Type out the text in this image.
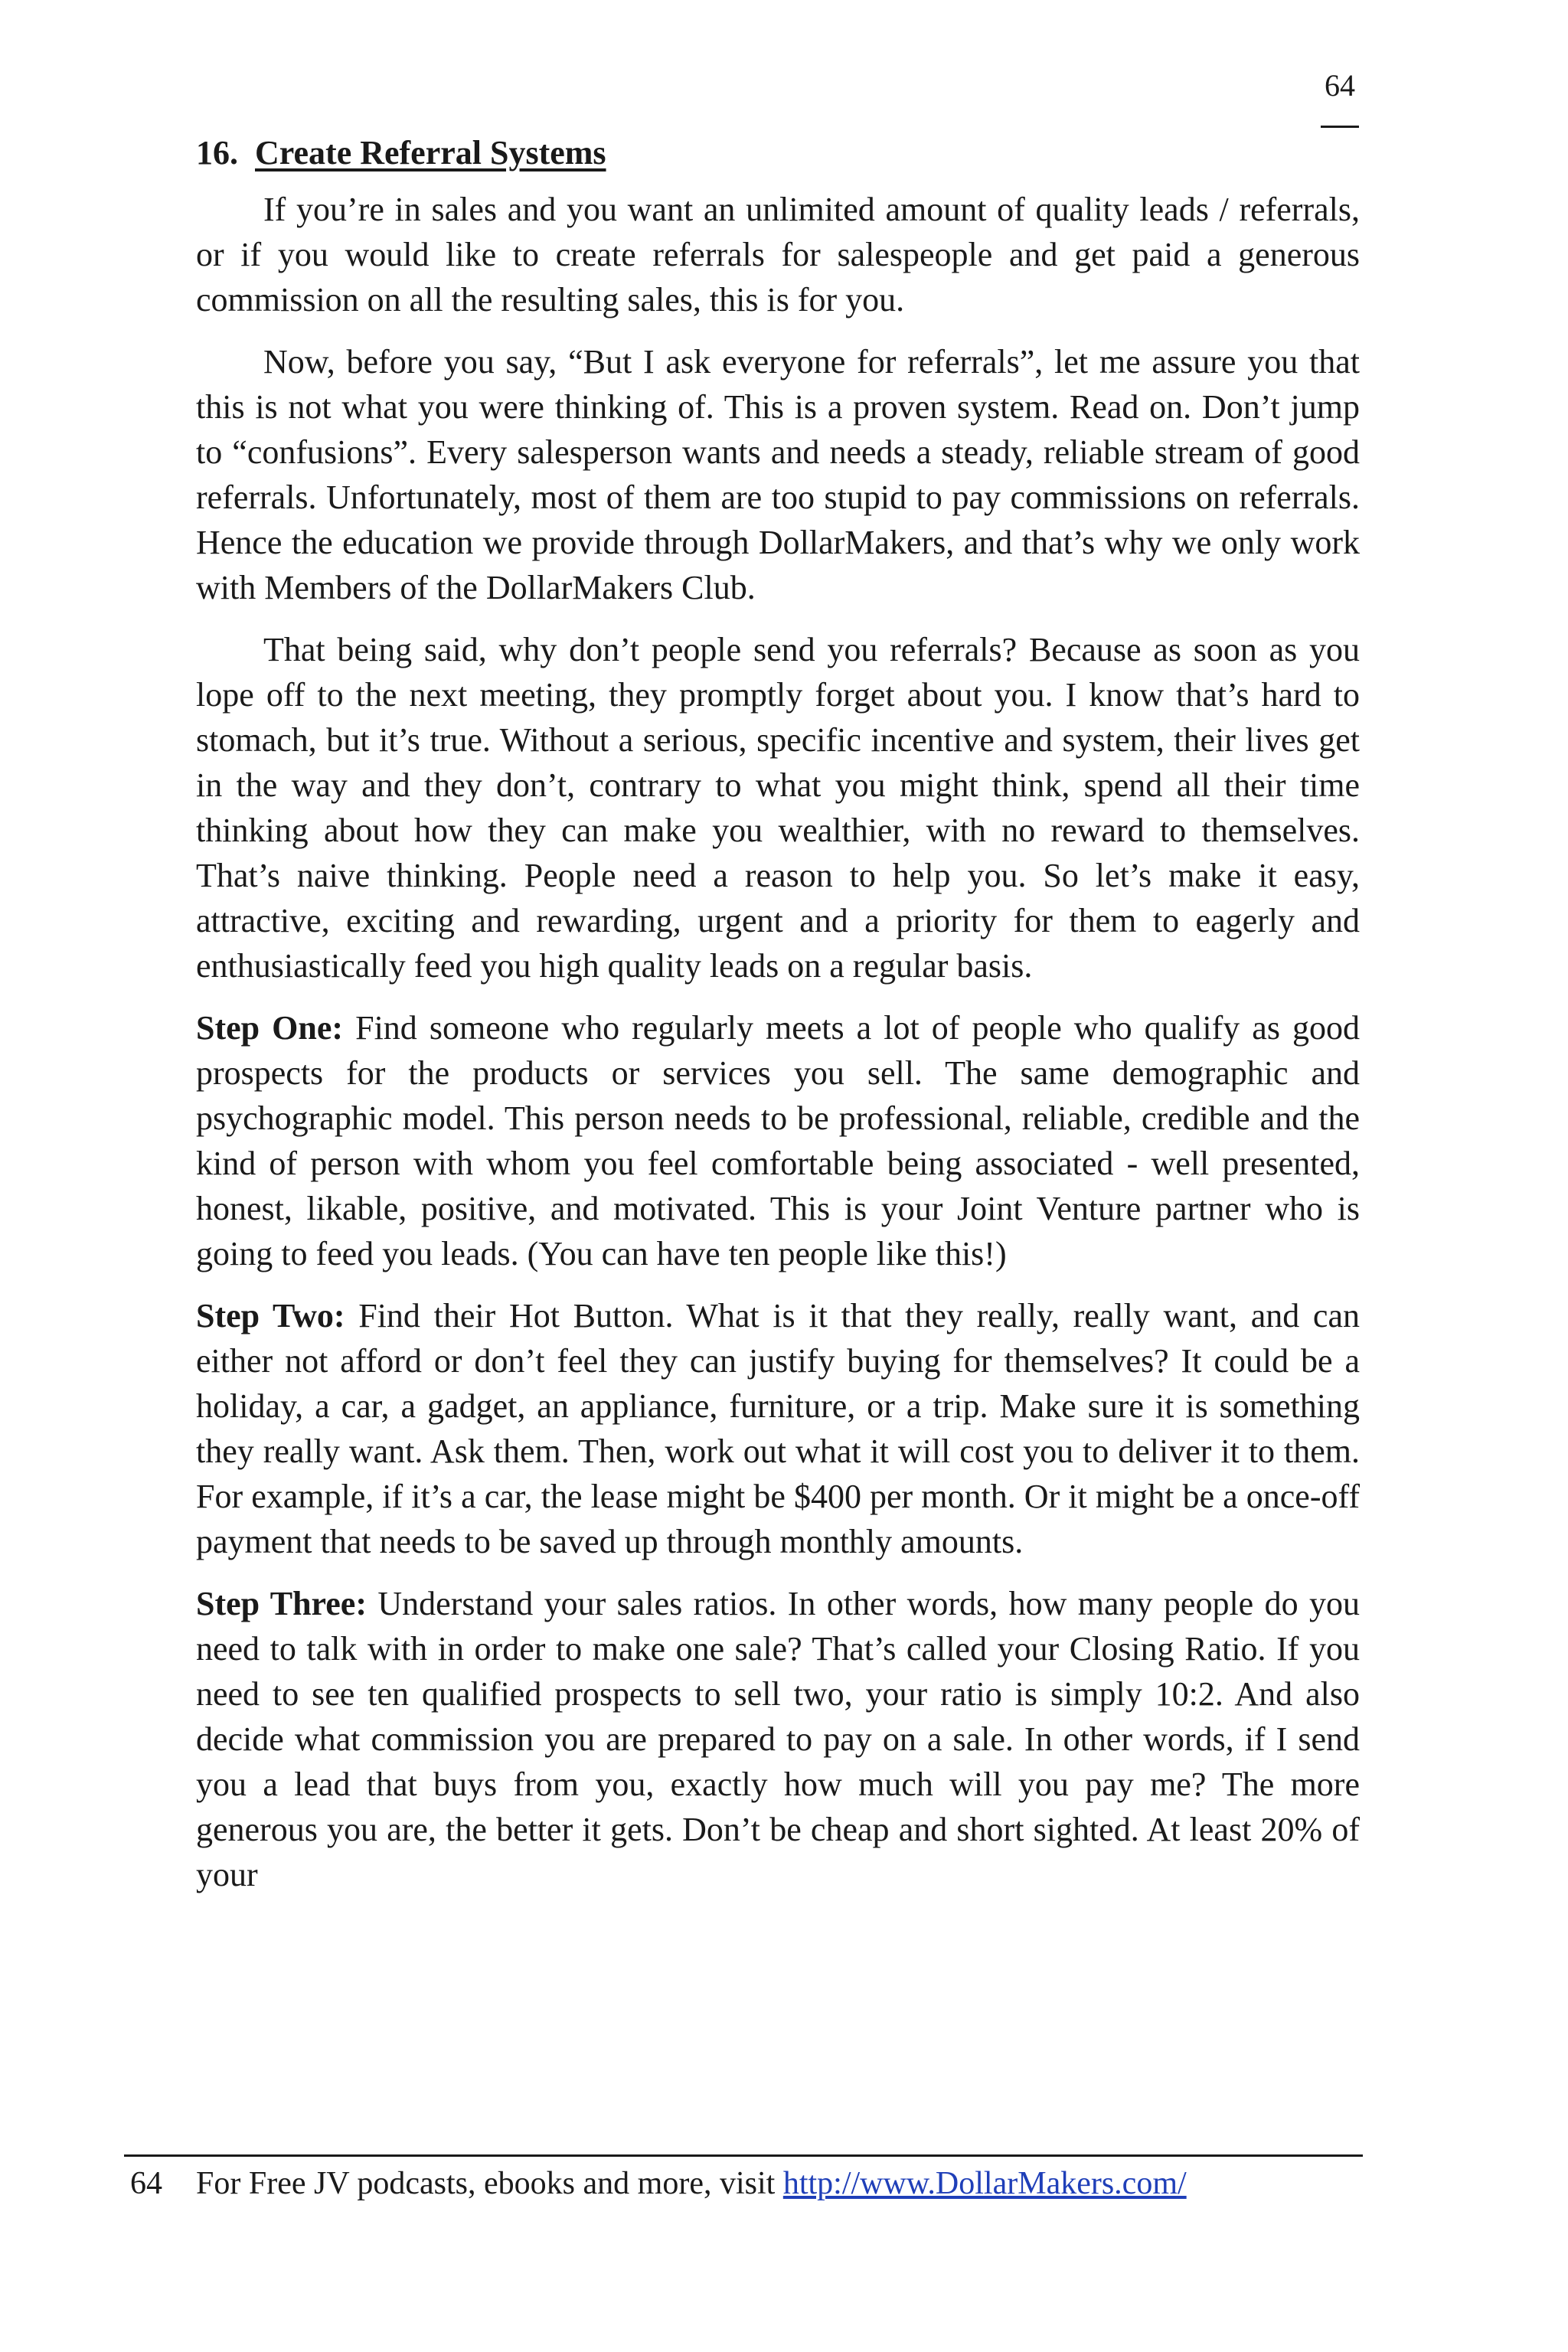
64
16. Create Referral Systems

If you’re in sales and you want an unlimited amount of quality leads / referrals, or if you would like to create referrals for salespeople and get paid a generous commission on all the resulting sales, this is for you.

Now, before you say, “But I ask everyone for referrals”, let me assure you that this is not what you were thinking of. This is a proven system. Read on. Don’t jump to “confusions”. Every salesperson wants and needs a steady, reliable stream of good referrals. Unfortunately, most of them are too stupid to pay commissions on referrals. Hence the education we provide through DollarMakers, and that’s why we only work with Members of the DollarMakers Club.

That being said, why don’t people send you referrals? Because as soon as you lope off to the next meeting, they promptly forget about you. I know that’s hard to stomach, but it’s true. Without a serious, specific incentive and system, their lives get in the way and they don’t, contrary to what you might think, spend all their time thinking about how they can make you wealthier, with no reward to themselves. That’s naive thinking. People need a reason to help you. So let’s make it easy, attractive, exciting and rewarding, urgent and a priority for them to eagerly and enthusiastically feed you high quality leads on a regular basis.

Step One: Find someone who regularly meets a lot of people who qualify as good prospects for the products or services you sell. The same demographic and psychographic model. This person needs to be professional, reliable, credible and the kind of person with whom you feel comfortable being associated - well presented, honest, likable, positive, and motivated. This is your Joint Venture partner who is going to feed you leads. (You can have ten people like this!)

Step Two: Find their Hot Button. What is it that they really, really want, and can either not afford or don’t feel they can justify buying for themselves? It could be a holiday, a car, a gadget, an appliance, furniture, or a trip. Make sure it is something they really want. Ask them. Then, work out what it will cost you to deliver it to them. For example, if it’s a car, the lease might be $400 per month. Or it might be a once-off payment that needs to be saved up through monthly amounts.

Step Three: Understand your sales ratios. In other words, how many people do you need to talk with in order to make one sale? That’s called your Closing Ratio. If you need to see ten qualified prospects to sell two, your ratio is simply 10:2. And also decide what commission you are prepared to pay on a sale. In other words, if I send you a lead that buys from you, exactly how much will you pay me? The more generous you are, the better it gets. Don’t be cheap and short sighted. At least 20% of your

64 For Free JV podcasts, ebooks and more, visit http://www.DollarMakers.com/
